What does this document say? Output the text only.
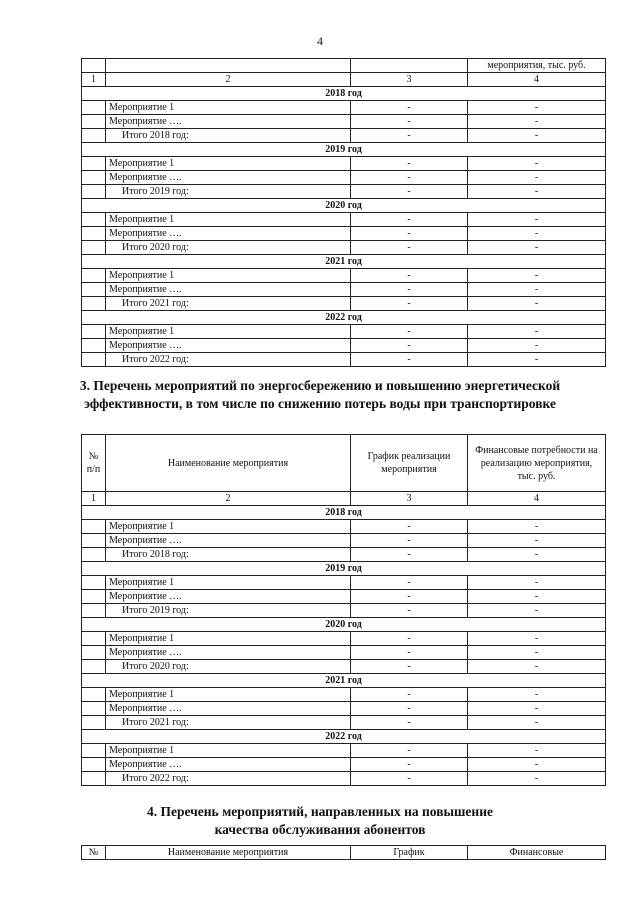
4
			мероприятия, тыс. руб.
1	2	3	4
2018 год			
	Мероприятие 1	-	-
	Мероприятие ….	-	-
	Итого 2018 год:	-	-
2019 год			
	Мероприятие 1	-	-
	Мероприятие ….	-	-
	Итого 2019 год:	-	-
2020 год			
	Мероприятие 1	-	-
	Мероприятие ….	-	-
	Итого 2020 год:	-	-
2021 год			
	Мероприятие 1	-	-
	Мероприятие ….	-	-
	Итого 2021 год:	-	-
2022 год			
	Мероприятие 1	-	-
	Мероприятие ….	-	-
	Итого 2022 год:	-	-
3. Перечень мероприятий по энергосбережению и повышению энергетической эффективности, в том числе по снижению потерь воды при транспортировке
№ п/п	Наименование мероприятия	График реализации мероприятия	Финансовые потребности на реализацию мероприятия, тыс. руб.
1	2	3	4
2018 год			
	Мероприятие 1	-	-
	Мероприятие ….	-	-
	Итого 2018 год:	-	-
2019 год			
	Мероприятие 1	-	-
	Мероприятие ….	-	-
	Итого 2019 год:	-	-
2020 год			
	Мероприятие 1	-	-
	Мероприятие ….	-	-
	Итого 2020 год:	-	-
2021 год			
	Мероприятие 1	-	-
	Мероприятие ….	-	-
	Итого 2021 год:	-	-
2022 год			
	Мероприятие 1	-	-
	Мероприятие ….	-	-
	Итого 2022 год:	-	-
4. Перечень мероприятий, направленных на повышение качества обслуживания абонентов
№	Наименование мероприятия	График	Финансовые
